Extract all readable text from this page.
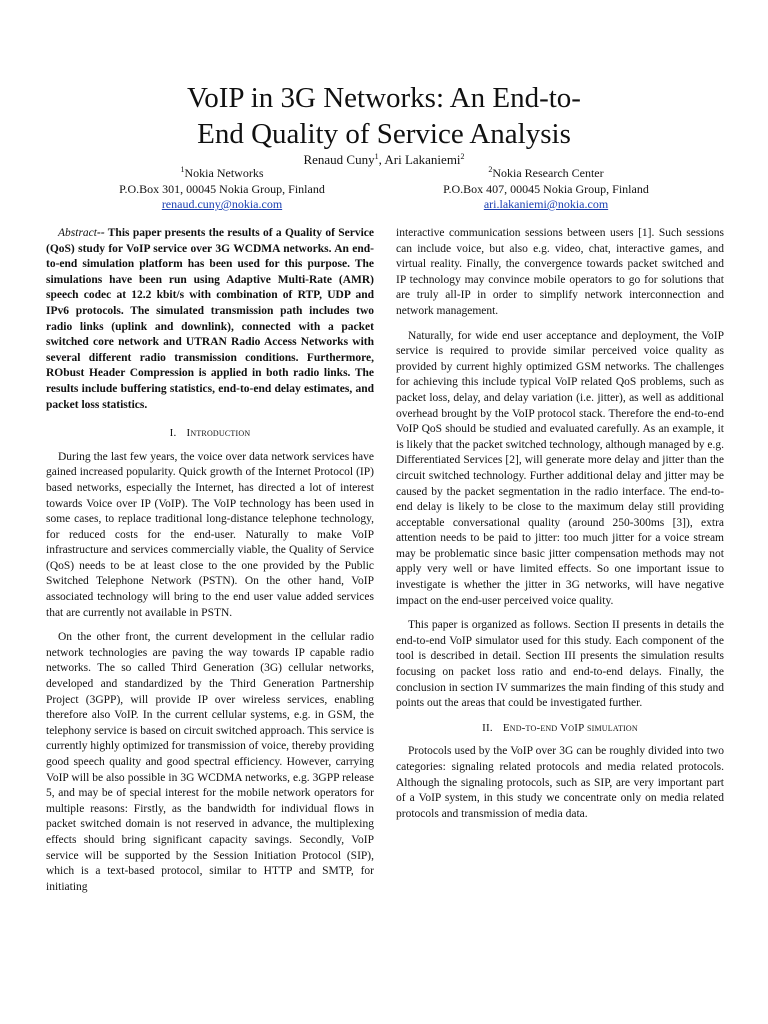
VoIP in 3G Networks: An End-to-
End Quality of Service Analysis
Renaud Cuny$^1$, Ari Lakaniemi$^2$
$^1$Nokia Networks
P.O.Box 301, 00045 Nokia Group, Finland
renaud.cuny@nokia.com
$^2$Nokia Research Center
P.O.Box 407, 00045 Nokia Group, Finland
ari.lakaniemi@nokia.com

Abstract-- This paper presents the results of a Quality of Service (QoS) study for VoIP service over 3G WCDMA networks. An end-to-end simulation platform has been used for this purpose. The simulations have been run using Adaptive Multi-Rate (AMR) speech codec at 12.2 kbit/s with combination of RTP, UDP and IPv6 protocols. The simulated transmission path includes two radio links (uplink and downlink), connected with a packet switched core network and UTRAN Radio Access Networks with several different radio transmission conditions. Furthermore, RObust Header Compression is applied in both radio links. The results include buffering statistics, end-to-end delay estimates, and packet loss statistics.

I. Introduction

During the last few years, the voice over data network services have gained increased popularity. Quick growth of the Internet Protocol (IP) based networks, especially the Internet, has directed a lot of interest towards Voice over IP (VoIP). The VoIP technology has been used in some cases, to replace traditional long-distance telephone technology, for reduced costs for the end-user. Naturally to make VoIP infrastructure and services commercially viable, the Quality of Service (QoS) needs to be at least close to the one provided by the Public Switched Telephone Network (PSTN). On the other hand, VoIP associated technology will bring to the end user value added services that are currently not available in PSTN.

On the other front, the current development in the cellular radio network technologies are paving the way towards IP capable radio networks. The so called Third Generation (3G) cellular networks, developed and standardized by the Third Generation Partnership Project (3GPP), will provide IP over wireless services, enabling therefore also VoIP. In the current cellular systems, e.g. in GSM, the telephony service is based on circuit switched approach. This service is currently highly optimized for transmission of voice, thereby providing good speech quality and good spectral efficiency. However, carrying VoIP will be also possible in 3G WCDMA networks, e.g. 3GPP release 5, and may be of special interest for the mobile network operators for multiple reasons: Firstly, as the bandwidth for individual flows in packet switched domain is not reserved in advance, the multiplexing effects should bring significant capacity savings. Secondly, VoIP service will be supported by the Session Initiation Protocol (SIP), which is a text-based protocol, similar to HTTP and SMTP, for initiating

interactive communication sessions between users [1]. Such sessions can include voice, but also e.g. video, chat, interactive games, and virtual reality. Finally, the convergence towards packet switched and IP technology may convince mobile operators to go for solutions that are truly all-IP in order to simplify network interconnection and network management.

Naturally, for wide end user acceptance and deployment, the VoIP service is required to provide similar perceived voice quality as provided by current highly optimized GSM networks. The challenges for achieving this include typical VoIP related QoS problems, such as packet loss, delay, and delay variation (i.e. jitter), as well as additional overhead brought by the VoIP protocol stack. Therefore the end-to-end VoIP QoS should be studied and evaluated carefully. As an example, it is likely that the packet switched technology, although managed by e.g. Differentiated Services [2], will generate more delay and jitter than the circuit switched technology. Further additional delay and jitter may be caused by the packet segmentation in the radio interface. The end-to-end delay is likely to be close to the maximum delay still providing acceptable conversational quality (around 250-300ms [3]), extra attention needs to be paid to jitter: too much jitter for a voice stream may be problematic since basic jitter compensation methods may not apply very well or have limited effects. So one important issue to investigate is whether the jitter in 3G networks, will have negative impact on the end-user perceived voice quality.

This paper is organized as follows. Section II presents in details the end-to-end VoIP simulator used for this study. Each component of the tool is described in detail. Section III presents the simulation results focusing on packet loss ratio and end-to-end delays. Finally, the conclusion in section IV summarizes the main finding of this study and points out the areas that could be investigated further.

II. End-to-end VoIP simulation

Protocols used by the VoIP over 3G can be roughly divided into two categories: signaling related protocols and media related protocols. Although the signaling protocols, such as SIP, are very important part of a VoIP system, in this study we concentrate only on media related protocols and transmission of media data.
